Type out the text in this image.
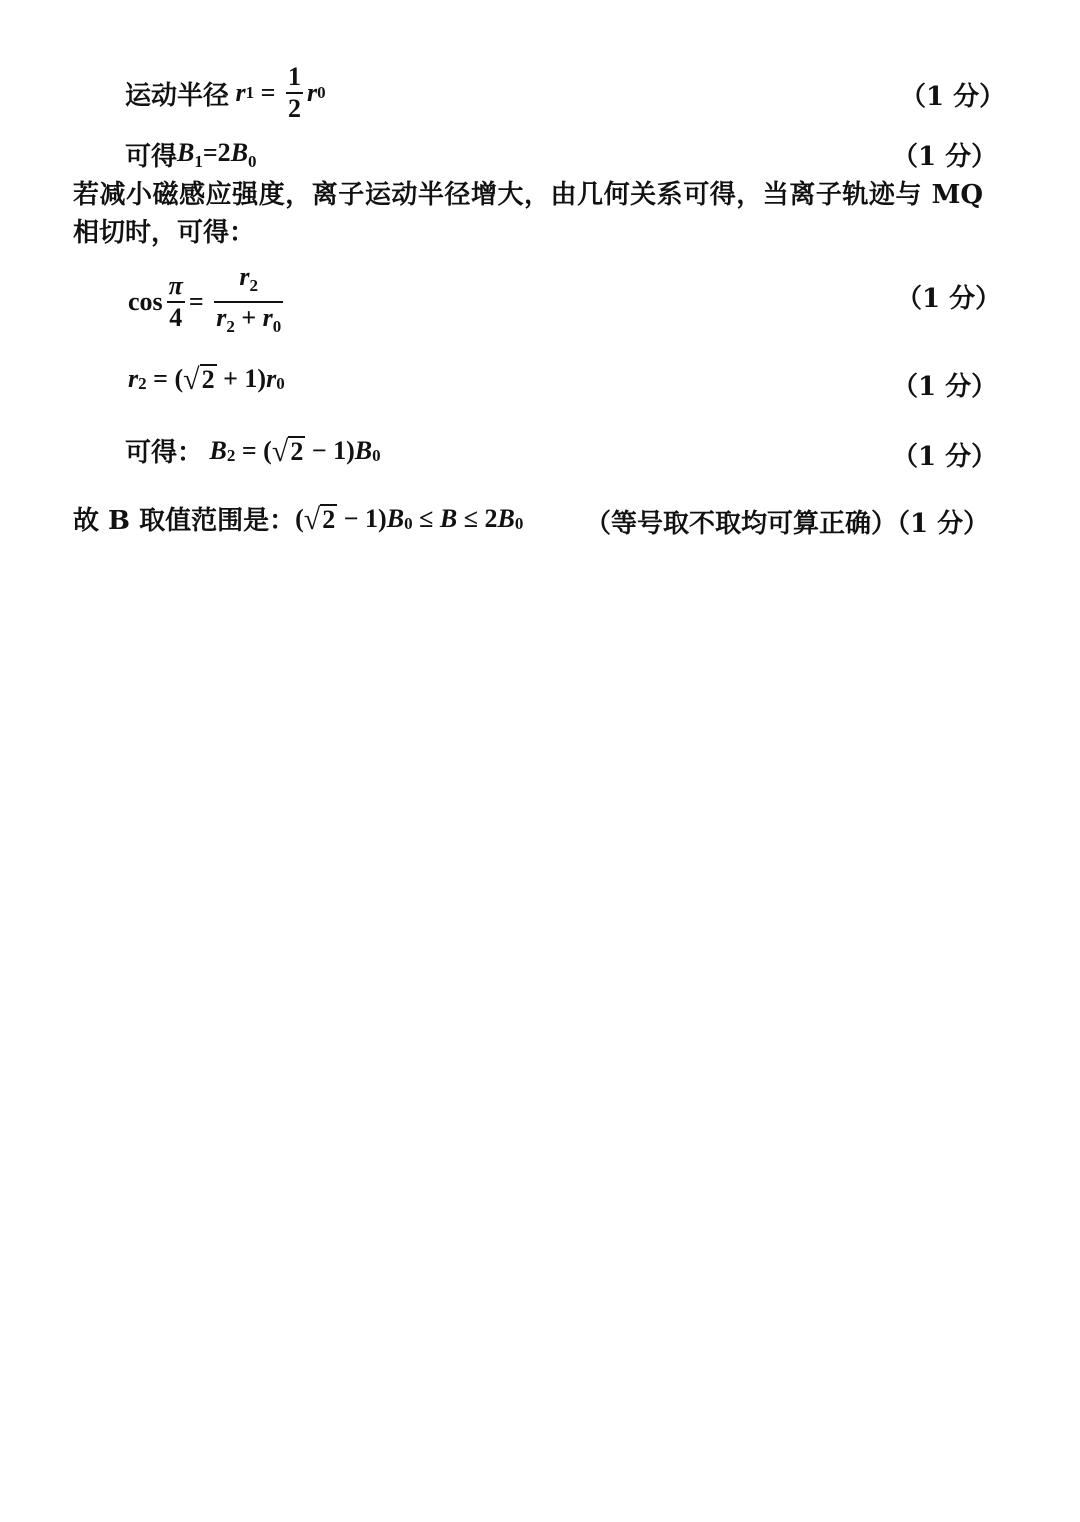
运动半径 r $1 = \frac{1}{2}$ r 0	（1 分）
可得 $B_1=2B_0$	（1 分）
若减小磁感应强度，离子运动半径增大，由几何关系可得，当离子轨迹与 MQ 相切时，可得：
$\cos \frac{\pi}{4} = \frac{r_2}{r_2 + r_0}$	（1 分）
r 2 = ( √ 2 + 1) r 0	（1 分）
可得： B 2 = ( √ 2 − 1) B 0	（1 分）
故 B 取值范围是： ( √ 2 − 1) B 0 ≤ B ≤ 2 B 0 （等号取不取均可算正确）（1 分）
